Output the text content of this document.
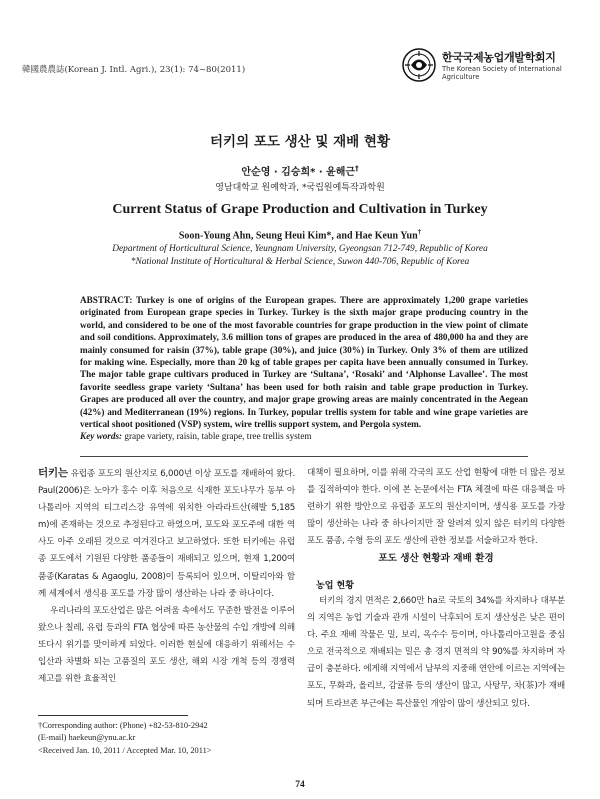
韓國農農誌(Korean J. Intl. Agri.), 23(1): 74~80(2011)
한국국제농업개발학회지
The Korean Society of International Agriculture
터키의 포도 생산 및 재배 현황
안순영 · 김승희* · 윤해근†
영남대학교 원예학과, *국립원예특작과학원
Current Status of Grape Production and Cultivation in Turkey
Soon-Young Ahn, Seung Heui Kim*, and Hae Keun Yun†
Department of Horticultural Science, Yeungnam University, Gyeongsan 712-749, Republic of Korea
*National Institute of Horticultural & Herbal Science, Suwon 440-706, Republic of Korea

ABSTRACT: Turkey is one of origins of the European grapes. There are approximately 1,200 grape varieties originated from European grape species in Turkey. Turkey is the sixth major grape producing country in the world, and considered to be one of the most favorable countries for grape production in the view point of climate and soil conditions. Approximately, 3.6 million tons of grapes are produced in the area of 480,000 ha and they are mainly consumed for raisin (37%), table grape (30%), and juice (30%) in Turkey. Only 3% of them are utilized for making wine. Especially, more than 20 kg of table grapes per capita have been annually consumed in Turkey. The major table grape cultivars produced in Turkey are ‘Sultana’, ‘Rosaki’ and ‘Alphonse Lavallee’. The most favorite seedless grape variety ‘Sultana’ has been used for both raisin and table grape production in Turkey. Grapes are produced all over the country, and major grape growing areas are mainly concentrated in the Aegean (42%) and Mediterranean (19%) regions. In Turkey, popular trellis system for table and wine grape varieties are vertical shoot positioned (VSP) system, wire trellis support system, and Pergola system.

Key words: grape variety, raisin, table grape, tree trellis system

터키는 유럽종 포도의 원산지로 6,000년 이상 포도를 재배하여 왔다. Paul(2006)은 노아가 홍수 이후 처음으로 식재한 포도나무가 동부 아나톨리아 지역의 티그리스강 유역에 위치한 아라라트산(해발 5,185 m)에 존재하는 것으로 추정된다고 하였으며, 포도와 포도주에 대한 역사도 아주 오래된 것으로 여겨진다고 보고하였다. 또한 터키에는 유럽종 포도에서 기원된 다양한 품종들이 재배되고 있으며, 현재 1,200여 품종(Karatas & Agaoglu, 2008)이 등록되어 있으며, 이탈리아와 함께 세계에서 생식용 포도를 가장 많이 생산하는 나라 중 하나이다.

우리나라의 포도산업은 많은 어려움 속에서도 꾸준한 발전을 이루어 왔으나 칠레, 유럽 등과의 FTA 협상에 따른 농산물의 수입 개방에 의해 또다시 위기를 맞이하게 되었다. 이러한 현실에 대응하기 위해서는 수입산과 차별화 되는 고품질의 포도 생산, 해외 시장 개척 등의 경쟁력 제고를 위한 효율적인

대책이 필요하며, 이를 위해 각국의 포도 산업 현황에 대한 더 많은 정보를 집적하여야 한다. 이에 본 논문에서는 FTA 체결에 따른 대응책을 마련하기 위한 방안으로 유럽종 포도의 원산지이며, 생식용 포도를 가장 많이 생산하는 나라 중 하나이지만 잘 알려져 있지 않은 터키의 다양한 포도 품종, 수형 등의 포도 생산에 관한 정보를 서술하고자 한다.

포도 생산 현황과 재배 환경
농업 현황

터키의 경지 면적은 2,660만 ha로 국토의 34%를 차지하나 대부분의 지역은 농업 기술과 관개 시설이 낙후되어 토지 생산성은 낮은 편이다. 주요 재배 작물은 밀, 보리, 옥수수 등이며, 아나톨리아고원을 중심으로 전국적으로 재배되는 밀은 총 경지 면적의 약 90%를 차지하며 자급이 충분하다. 에게해 지역에서 남부의 지중해 연안에 이르는 지역에는 포도, 무화과, 올리브, 감귤류 등의 생산이 많고, 사탕무, 차(茶)가 재배되며 트라브존 부근에는 특산물인 개암이 많이 생산되고 있다.

†Corresponding author: (Phone) +82-53-810-2942
(E-mail) haekeun@ynu.ac.kr
<Received Jan. 10, 2011 / Accepted Mar. 10, 2011>
74
